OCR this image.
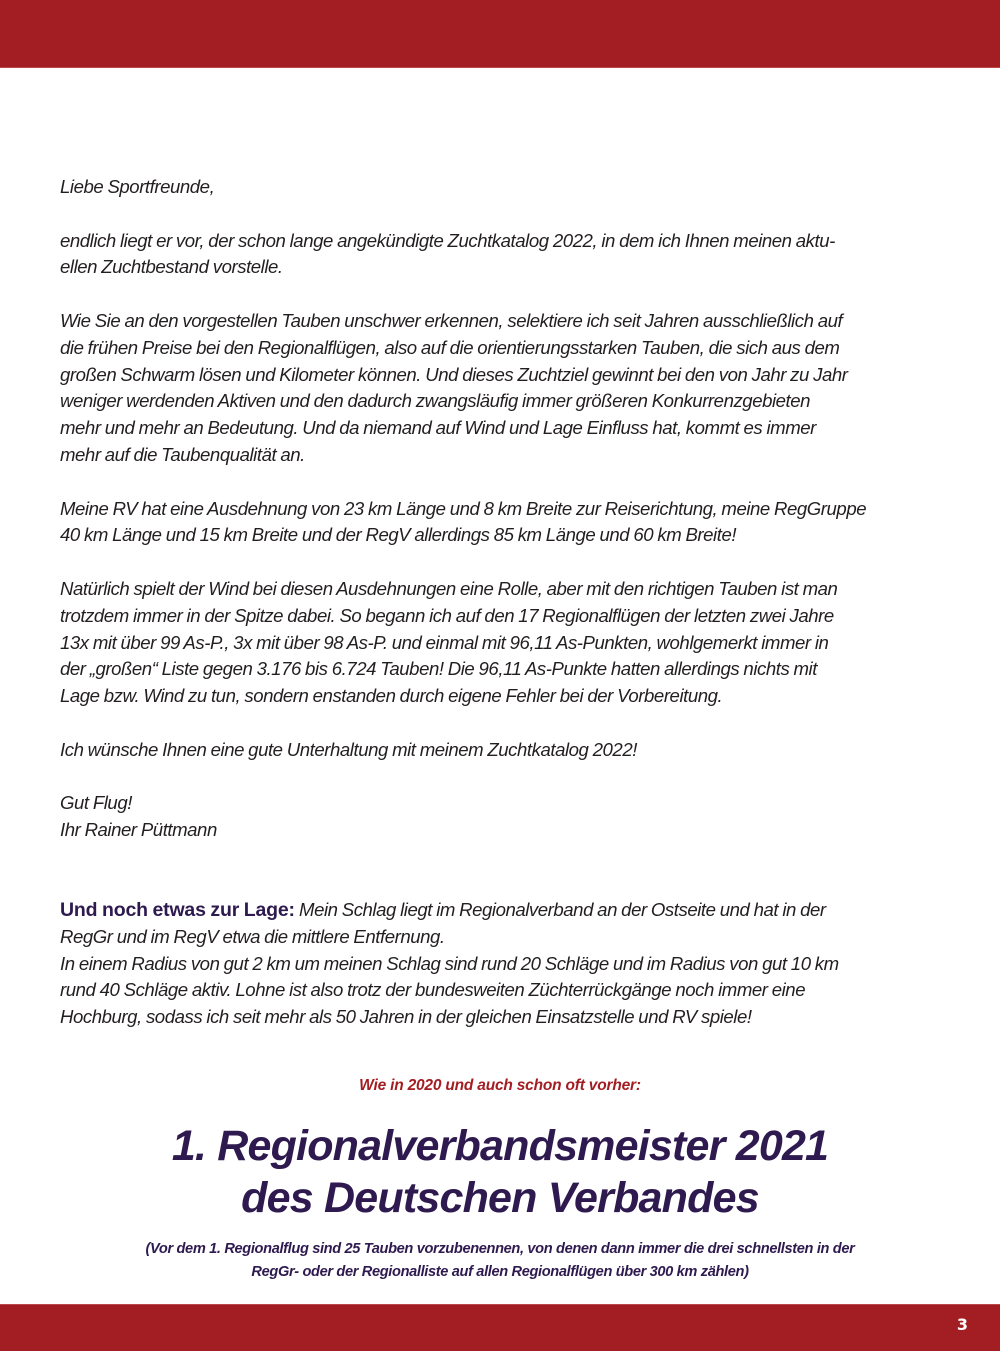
Liebe Sportfreunde,

endlich liegt er vor, der schon lange angekündigte Zuchtkatalog 2022, in dem ich Ihnen meinen aktu-
ellen Zuchtbestand vorstelle.

Wie Sie an den vorgestellen Tauben unschwer erkennen, selektiere ich seit Jahren ausschließlich auf
die frühen Preise bei den Regionalflügen, also auf die orientierungsstarken Tauben, die sich aus dem
großen Schwarm lösen und Kilometer können. Und dieses Zuchtziel gewinnt bei den von Jahr zu Jahr
weniger werdenden Aktiven und den dadurch zwangsläufig immer größeren Konkurrenzgebieten
mehr und mehr an Bedeutung. Und da niemand auf Wind und Lage Einfluss hat, kommt es immer
mehr auf die Taubenqualität an.

Meine RV hat eine Ausdehnung von 23 km Länge und 8 km Breite zur Reiserichtung, meine RegGruppe
40 km Länge und 15 km Breite und der RegV allerdings 85 km Länge und 60 km Breite!

Natürlich spielt der Wind bei diesen Ausdehnungen eine Rolle, aber mit den richtigen Tauben ist man
trotzdem immer in der Spitze dabei. So begann ich auf den 17 Regionalflügen der letzten zwei Jahre
13x mit über 99 As-P., 3x mit über 98 As-P. und einmal mit 96,11 As-Punkten, wohlgemerkt immer in
der „großen“ Liste gegen 3.176 bis 6.724 Tauben! Die 96,11 As-Punkte hatten allerdings nichts mit
Lage bzw. Wind zu tun, sondern enstanden durch eigene Fehler bei der Vorbereitung.

Ich wünsche Ihnen eine gute Unterhaltung mit meinem Zuchtkatalog 2022!

Gut Flug!
Ihr Rainer Püttmann

Und noch etwas zur Lage: Mein Schlag liegt im Regionalverband an der Ostseite und hat in der
RegGr und im RegV etwa die mittlere Entfernung.
In einem Radius von gut 2 km um meinen Schlag sind rund 20 Schläge und im Radius von gut 10 km
rund 40 Schläge aktiv. Lohne ist also trotz der bundesweiten Züchterrückgänge noch immer eine
Hochburg, sodass ich seit mehr als 50 Jahren in der gleichen Einsatzstelle und RV spiele!

Wie in 2020 und auch schon oft vorher:
1. Regionalverbandsmeister 2021
des Deutschen Verbandes
(Vor dem 1. Regionalflug sind 25 Tauben vorzubenennen, von denen dann immer die drei schnellsten in der
RegGr- oder der Regionalliste auf allen Regionalflügen über 300 km zählen)
3
